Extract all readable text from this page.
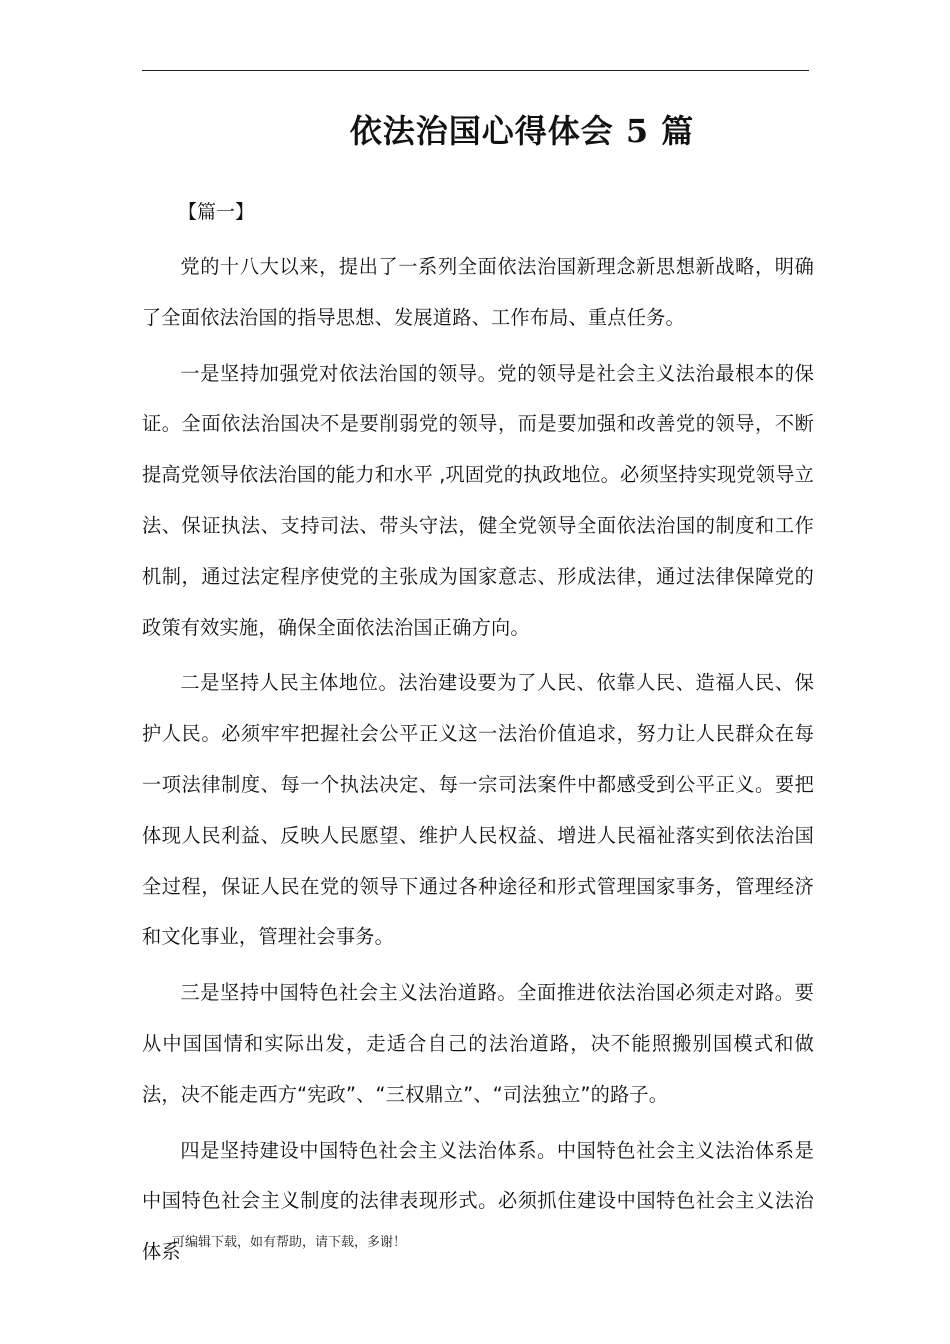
依法治国心得体会 5 篇

【篇一】

党的十八大以来，提出了一系列全面依法治国新理念新思想新战略，明确了全面依法治国的指导思想、发展道路、工作布局、重点任务。

一是坚持加强党对依法治国的领导。党的领导是社会主义法治最根本的保证。全面依法治国决不是要削弱党的领导，而是要加强和改善党的领导，不断提高党领导依法治国的能力和水平 ,巩固党的执政地位。必须坚持实现党领导立法、保证执法、支持司法、带头守法，健全党领导全面依法治国的制度和工作机制，通过法定程序使党的主张成为国家意志、形成法律，通过法律保障党的政策有效实施，确保全面依法治国正确方向。

二是坚持人民主体地位。法治建设要为了人民、依靠人民、造福人民、保护人民。必须牢牢把握社会公平正义这一法治价值追求，努力让人民群众在每一项法律制度、每一个执法决定、每一宗司法案件中都感受到公平正义。要把体现人民利益、反映人民愿望、维护人民权益、增进人民福祉落实到依法治国全过程，保证人民在党的领导下通过各种途径和形式管理国家事务，管理经济和文化事业，管理社会事务。

三是坚持中国特色社会主义法治道路。全面推进依法治国必须走对路。要从中国国情和实际出发，走适合自己的法治道路，决不能照搬别国模式和做法，决不能走西方“宪政”、“三权鼎立”、“司法独立”的路子。

四是坚持建设中国特色社会主义法治体系。中国特色社会主义法治体系是中国特色社会主义制度的法律表现形式。必须抓住建设中国特色社会主义法治体系

可编辑下载，如有帮助，请下载，多谢！
